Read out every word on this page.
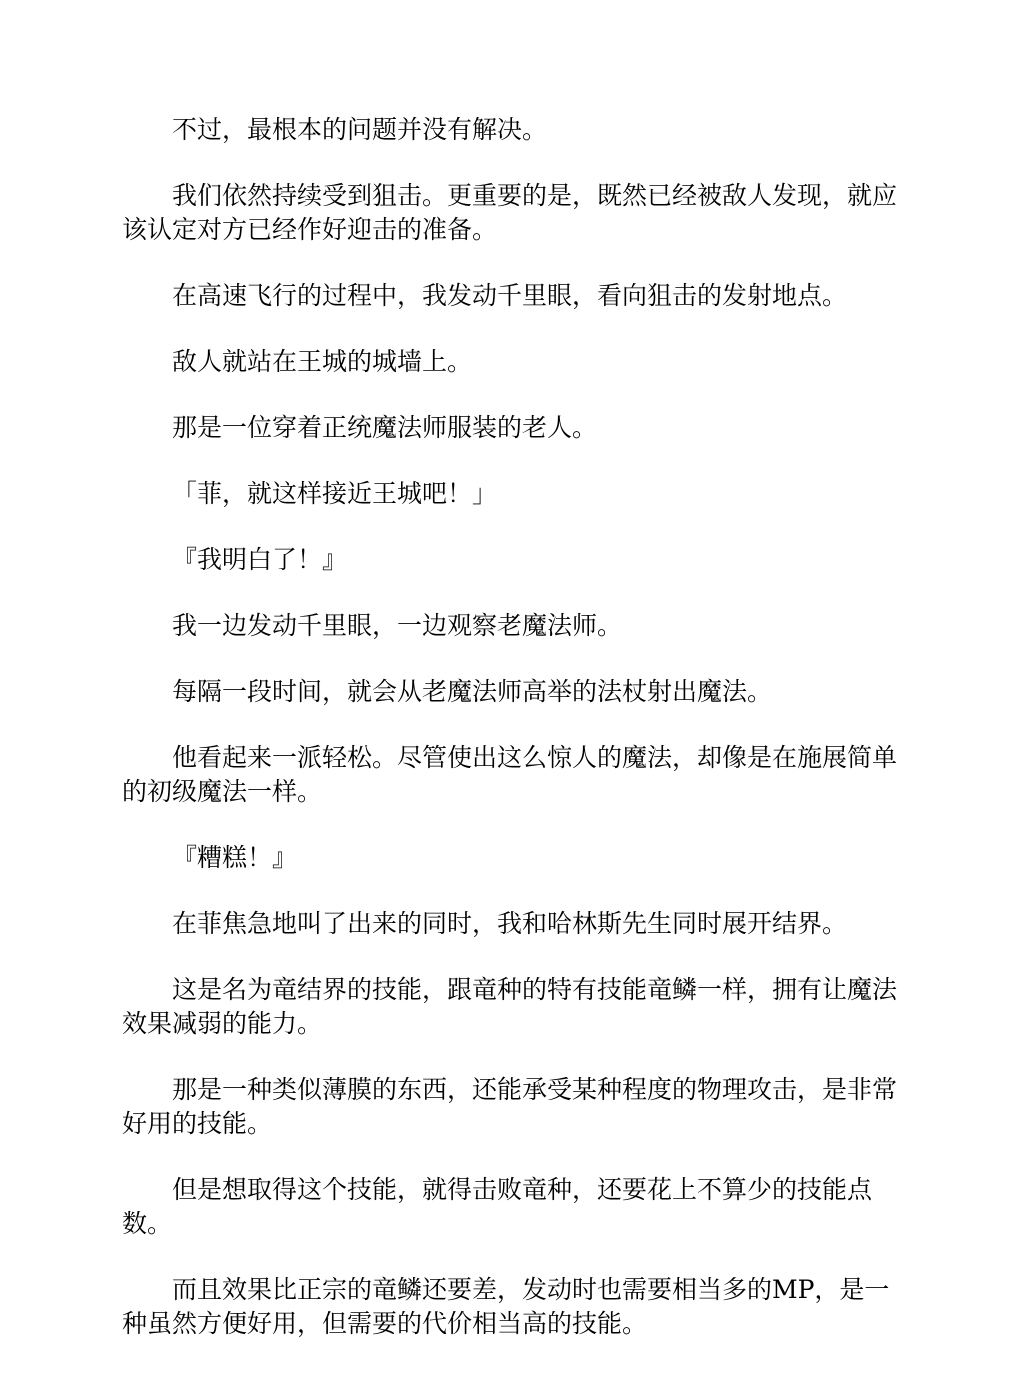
不过，最根本的问题并没有解决。

我们依然持续受到狙击。更重要的是，既然已经被敌人发现，就应该认定对方已经作好迎击的准备。

在高速飞行的过程中，我发动千里眼，看向狙击的发射地点。

敌人就站在王城的城墙上。

那是一位穿着正统魔法师服装的老人。

「菲，就这样接近王城吧！」

『我明白了！』

我一边发动千里眼，一边观察老魔法师。

每隔一段时间，就会从老魔法师高举的法杖射出魔法。

他看起来一派轻松。尽管使出这么惊人的魔法，却像是在施展简单的初级魔法一样。

『糟糕！』

在菲焦急地叫了出来的同时，我和哈林斯先生同时展开结界。

这是名为竜结界的技能，跟竜种的特有技能竜鳞一样，拥有让魔法效果减弱的能力。

那是一种类似薄膜的东西，还能承受某种程度的物理攻击，是非常好用的技能。

但是想取得这个技能，就得击败竜种，还要花上不算少的技能点数。

而且效果比正宗的竜鳞还要差，发动时也需要相当多的MP，是一种虽然方便好用，但需要的代价相当高的技能。
